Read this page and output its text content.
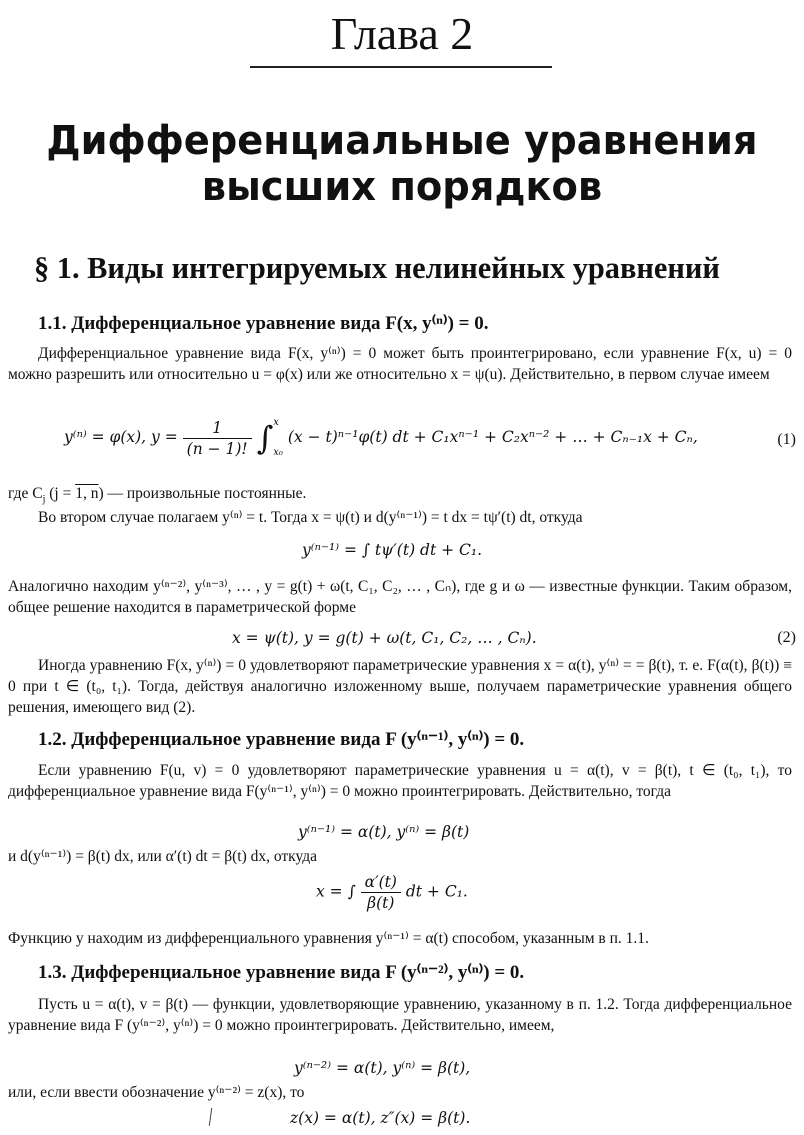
Глава 2
Дифференциальные уравнения
высших порядков
§ 1. Виды интегрируемых нелинейных уравнений
1.1. Дифференциальное уравнение вида F(x, y⁽ⁿ⁾) = 0.
Дифференциальное уравнение вида F(x, y⁽ⁿ⁾) = 0 может быть проинтегрировано, если уравнение F(x, u) = 0 можно разрешить или относительно u = φ(x) или же относительно x = ψ(u). Действительно, в первом случае имеем
y⁽ⁿ⁾ = φ(x), $y = \frac{1}{(n - 1)!}$ ∫ x
x₀
(x − t)ⁿ⁻¹φ(t) dt + C₁xⁿ⁻¹ + C₂xⁿ⁻² + … + Cₙ₋₁x + Cₙ,	(1)
где $C_j$ (j = 1, n) — произвольные постоянные.
Во втором случае полагаем y⁽ⁿ⁾ = t. Тогда x = ψ(t) и d(y⁽ⁿ⁻¹⁾) = t dx = tψ′(t) dt, откуда
y⁽ⁿ⁻¹⁾ = ∫ tψ′(t) dt + C₁.
Аналогично находим y⁽ⁿ⁻²⁾, y⁽ⁿ⁻³⁾, … , y = g(t) + ω(t, C₁, C₂, … , Cₙ), где g и ω — известные функции. Таким образом, общее решение находится в параметрической форме
x = ψ(t), y = g(t) + ω(t, C₁, C₂, … , Cₙ).	(2)
Иногда уравнению F(x, y⁽ⁿ⁾) = 0 удовлетворяют параметрические уравнения x = α(t), y⁽ⁿ⁾ = = β(t), т. е. F(α(t), β(t)) ≡ 0 при t ∈ (t₀, t₁). Тогда, действуя аналогично изложенному выше, получаем параметрические уравнения общего решения, имеющего вид (2).
1.2. Дифференциальное уравнение вида F (y⁽ⁿ⁻¹⁾, y⁽ⁿ⁾) = 0.
Если уравнению F(u, v) = 0 удовлетворяют параметрические уравнения u = α(t), v = β(t), t ∈ (t₀, t₁), то дифференциальное уравнение вида F(y⁽ⁿ⁻¹⁾, y⁽ⁿ⁾) = 0 можно проинтегрировать. Действительно, тогда
y⁽ⁿ⁻¹⁾ = α(t), y⁽ⁿ⁾ = β(t)
и d(y⁽ⁿ⁻¹⁾) = β(t) dx, или α′(t) dt = β(t) dx, откуда
x = ∫ $\frac{\alpha'(t)}{\beta(t)}$ dt + C₁.
Функцию y находим из дифференциального уравнения y⁽ⁿ⁻¹⁾ = α(t) способом, указанным в п. 1.1.
1.3. Дифференциальное уравнение вида F (y⁽ⁿ⁻²⁾, y⁽ⁿ⁾) = 0.
Пусть u = α(t), v = β(t) — функции, удовлетворяющие уравнению, указанному в п. 1.2. Тогда дифференциальное уравнение вида F (y⁽ⁿ⁻²⁾, y⁽ⁿ⁾) = 0 можно проинтегрировать. Действительно, имеем,
y⁽ⁿ⁻²⁾ = α(t), y⁽ⁿ⁾ = β(t),
или, если ввести обозначение y⁽ⁿ⁻²⁾ = z(x), то
z(x) = α(t), z″(x) = β(t).
